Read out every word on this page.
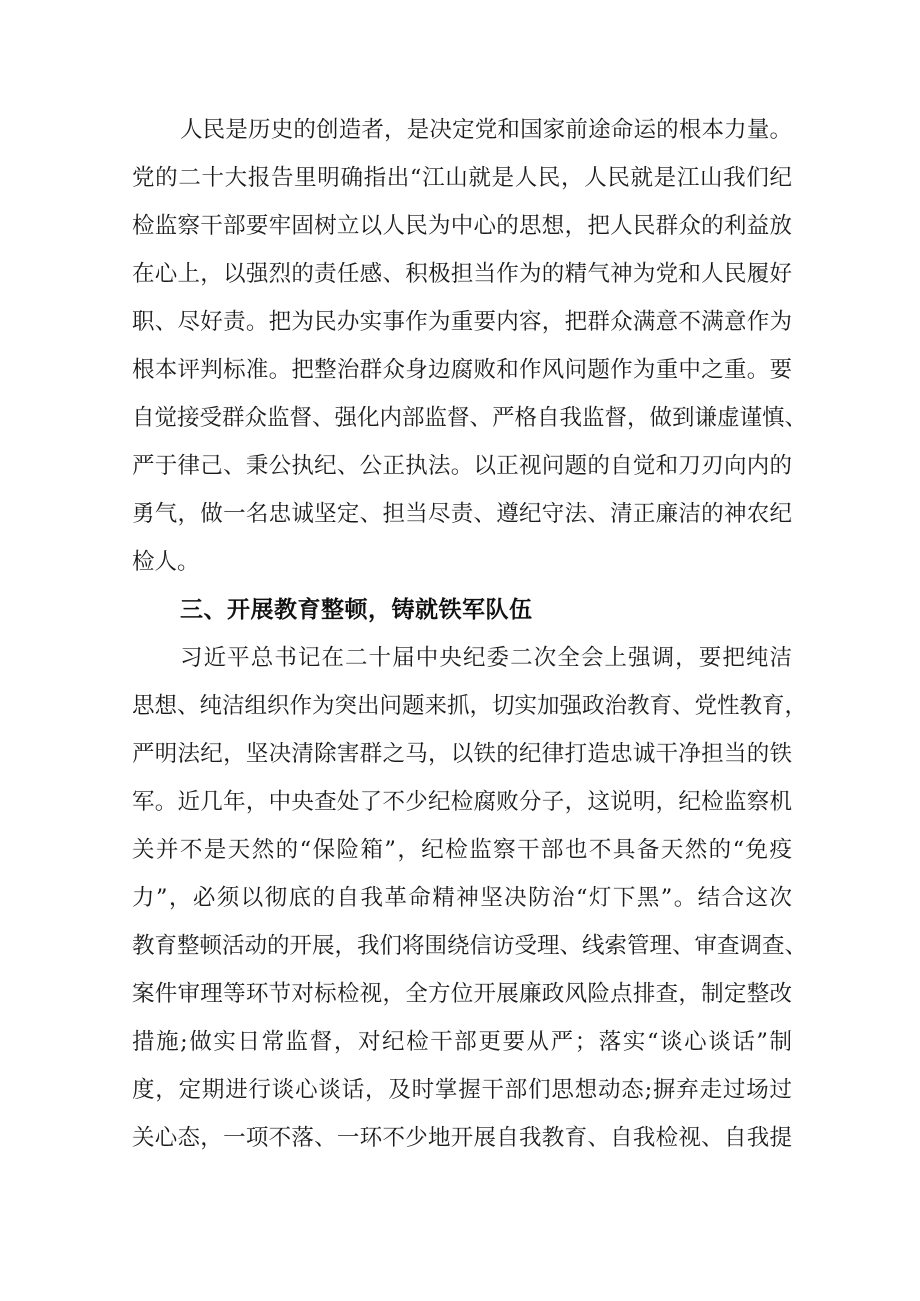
人民是历史的创造者，是决定党和国家前途命运的根本力量。
党的二十大报告里明确指出“江山就是人民，人民就是江山我们纪
检监察干部要牢固树立以人民为中心的思想，把人民群众的利益放
在心上，以强烈的责任感、积极担当作为的精气神为党和人民履好
职、尽好责。把为民办实事作为重要内容，把群众满意不满意作为
根本评判标准。把整治群众身边腐败和作风问题作为重中之重。要
自觉接受群众监督、强化内部监督、严格自我监督，做到谦虚谨慎、
严于律己、秉公执纪、公正执法。以正视问题的自觉和刀刃向内的
勇气，做一名忠诚坚定、担当尽责、遵纪守法、清正廉洁的神农纪
检人。
三、开展教育整顿，铸就铁军队伍
习近平总书记在二十届中央纪委二次全会上强调，要把纯洁
思想、纯洁组织作为突出问题来抓，切实加强政治教育、党性教育，
严明法纪，坚决清除害群之马，以铁的纪律打造忠诚干净担当的铁
军。近几年，中央查处了不少纪检腐败分子，这说明，纪检监察机
关并不是天然的“保险箱”，纪检监察干部也不具备天然的“免疫
力”，必须以彻底的自我革命精神坚决防治“灯下黑”。结合这次
教育整顿活动的开展，我们将围绕信访受理、线索管理、审查调查、
案件审理等环节对标检视，全方位开展廉政风险点排查，制定整改
措施;做实日常监督，对纪检干部更要从严；落实“谈心谈话”制
度，定期进行谈心谈话，及时掌握干部们思想动态;摒弃走过场过
关心态，一项不落、一环不少地开展自我教育、自我检视、自我提
